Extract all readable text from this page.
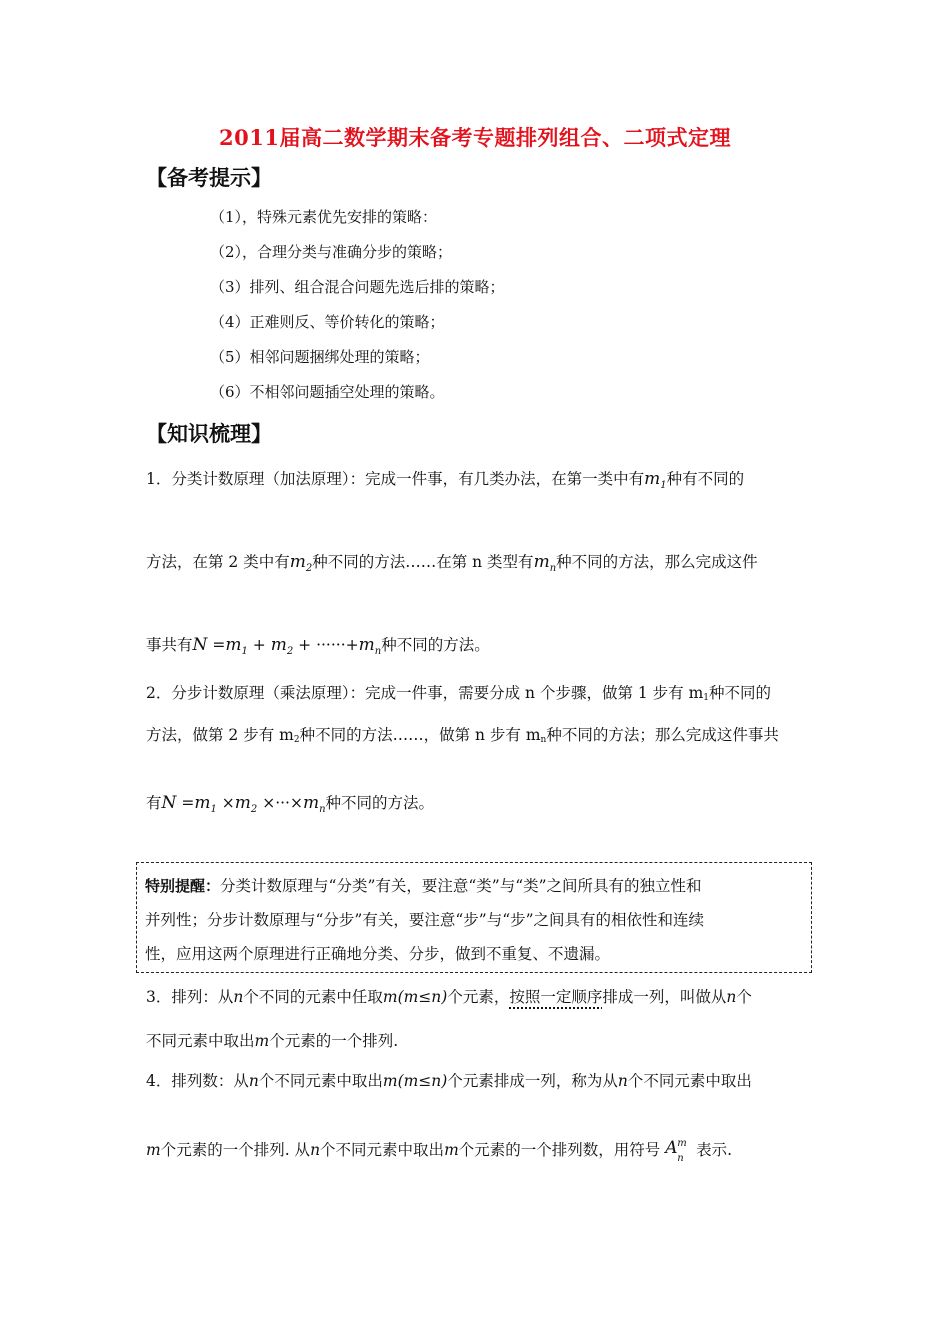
2011届高二数学期末备考专题排列组合、二项式定理
【备考提示】
（1），特殊元素优先安排的策略：
（2），合理分类与准确分步的策略；
（3）排列、组合混合问题先选后排的策略；
（4）正难则反、等价转化的策略；
（5）相邻问题捆绑处理的策略；
（6）不相邻问题插空处理的策略。
【知识梳理】
1．分类计数原理（加法原理）：完成一件事，有几类办法，在第一类中有$m_1$种有不同的
方法，在第 2 类中有$m_2$种不同的方法……在第 n 类型有$m_n$种不同的方法，那么完成这件
事共有$N =m_1 + m_2 + \cdot\cdot\cdot\cdot\cdot\cdot+m_n$种不同的方法。
2．分步计数原理（乘法原理）：完成一件事，需要分成 n 个步骤，做第 1 步有 m1种不同的
方法，做第 2 步有 m2种不同的方法……，做第 n 步有 mn种不同的方法；那么完成这件事共
有$N =m_1 \times m_2 \times\cdot\cdot\cdot\times m_n$种不同的方法。
特别提醒：分类计数原理与“分类”有关，要注意“类”与“类”之间所具有的独立性和
并列性；分步计数原理与“分步”有关，要注意“步”与“步”之间具有的相依性和连续
性，应用这两个原理进行正确地分类、分步，做到不重复、不遗漏。
3．排列：从n个不同的元素中任取m(m≤n)个元素，按照一定顺序排成一列，叫做从n个
不同元素中取出m个元素的一个排列.
4．排列数：从n个不同元素中取出m(m≤n)个元素排成一列，称为从n个不同元素中取出
m个元素的一个排列. 从n个不同元素中取出m个元素的一个排列数，用符号 A m
n 表示.
